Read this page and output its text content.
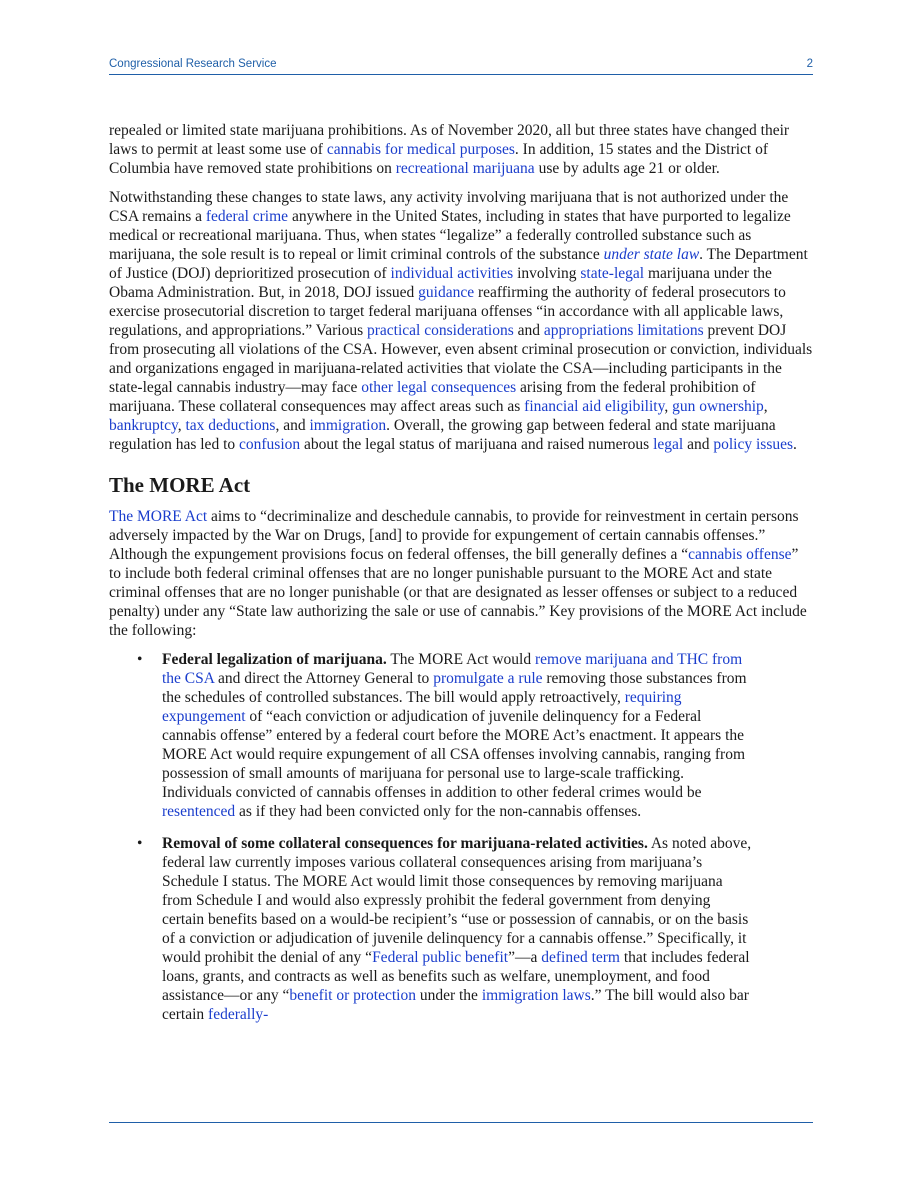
Congressional Research Service	2

repealed or limited state marijuana prohibitions. As of November 2020, all but three states have changed their laws to permit at least some use of cannabis for medical purposes. In addition, 15 states and the District of Columbia have removed state prohibitions on recreational marijuana use by adults age 21 or older.

Notwithstanding these changes to state laws, any activity involving marijuana that is not authorized under the CSA remains a federal crime anywhere in the United States, including in states that have purported to legalize medical or recreational marijuana. Thus, when states “legalize” a federally controlled substance such as marijuana, the sole result is to repeal or limit criminal controls of the substance under state law. The Department of Justice (DOJ) deprioritized prosecution of individual activities involving state-legal marijuana under the Obama Administration. But, in 2018, DOJ issued guidance reaffirming the authority of federal prosecutors to exercise prosecutorial discretion to target federal marijuana offenses “in accordance with all applicable laws, regulations, and appropriations.” Various practical considerations and appropriations limitations prevent DOJ from prosecuting all violations of the CSA. However, even absent criminal prosecution or conviction, individuals and organizations engaged in marijuana-related activities that violate the CSA—including participants in the state-legal cannabis industry—may face other legal consequences arising from the federal prohibition of marijuana. These collateral consequences may affect areas such as financial aid eligibility, gun ownership, bankruptcy, tax deductions, and immigration. Overall, the growing gap between federal and state marijuana regulation has led to confusion about the legal status of marijuana and raised numerous legal and policy issues.

The MORE Act

The MORE Act aims to “decriminalize and deschedule cannabis, to provide for reinvestment in certain persons adversely impacted by the War on Drugs, [and] to provide for expungement of certain cannabis offenses.” Although the expungement provisions focus on federal offenses, the bill generally defines a “cannabis offense” to include both federal criminal offenses that are no longer punishable pursuant to the MORE Act and state criminal offenses that are no longer punishable (or that are designated as lesser offenses or subject to a reduced penalty) under any “State law authorizing the sale or use of cannabis.” Key provisions of the MORE Act include the following:

• Federal legalization of marijuana. The MORE Act would remove marijuana and THC from the CSA and direct the Attorney General to promulgate a rule removing those substances from the schedules of controlled substances. The bill would apply retroactively, requiring expungement of “each conviction or adjudication of juvenile delinquency for a Federal cannabis offense” entered by a federal court before the MORE Act’s enactment. It appears the MORE Act would require expungement of all CSA offenses involving cannabis, ranging from possession of small amounts of marijuana for personal use to large-scale trafficking. Individuals convicted of cannabis offenses in addition to other federal crimes would be resentenced as if they had been convicted only for the non-cannabis offenses.
• Removal of some collateral consequences for marijuana-related activities. As noted above, federal law currently imposes various collateral consequences arising from marijuana’s Schedule I status. The MORE Act would limit those consequences by removing marijuana from Schedule I and would also expressly prohibit the federal government from denying certain benefits based on a would-be recipient’s “use or possession of cannabis, or on the basis of a conviction or adjudication of juvenile delinquency for a cannabis offense.” Specifically, it would prohibit the denial of any “Federal public benefit”—a defined term that includes federal loans, grants, and contracts as well as benefits such as welfare, unemployment, and food assistance—or any “benefit or protection under the immigration laws.” The bill would also bar certain federally-
